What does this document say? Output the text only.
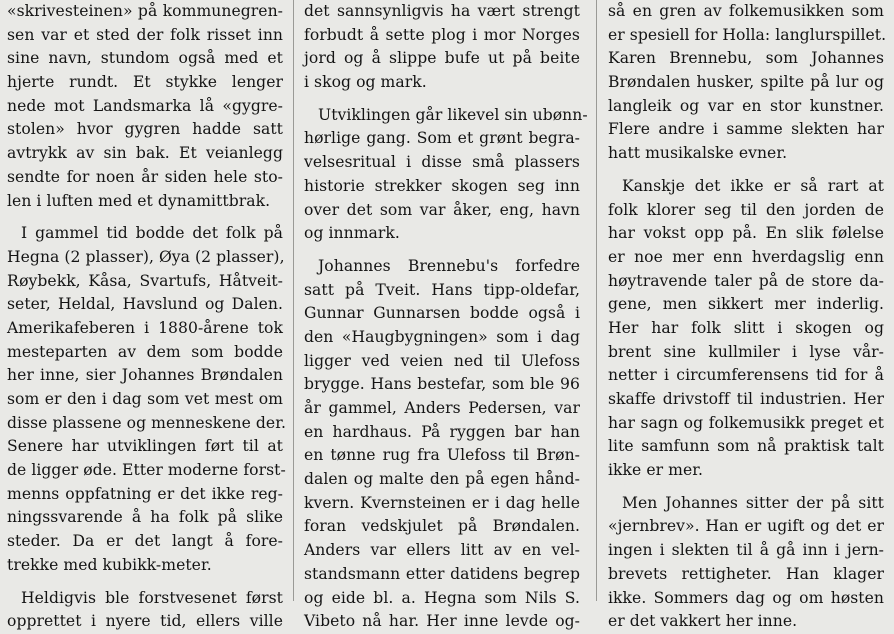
«skrivesteinen» på kommunegren-
sen var et sted der folk risset inn
sine navn, stundom også med et
hjerte rundt. Et stykke lenger
nede mot Landsmarka lå «gygre-
stolen» hvor gygren hadde satt
avtrykk av sin bak. Et veianlegg
sendte for noen år siden hele sto-
len i luften med et dynamittbrak.
I gammel tid bodde det folk på
Hegna (2 plasser), Øya (2 plasser),
Røybekk, Kåsa, Svartufs, Håtveit-
seter, Heldal, Havslund og Dalen.
Amerikafeberen i 1880-årene tok
mesteparten av dem som bodde
her inne, sier Johannes Brøndalen
som er den i dag som vet mest om
disse plassene og menneskene der.
Senere har utviklingen ført til at
de ligger øde. Etter moderne forst-
menns oppfatning er det ikke reg-
ningssvarende å ha folk på slike
steder. Da er det langt å fore-
trekke med kubikk-meter.
Heldigvis ble forstvesenet først
opprettet i nyere tid, ellers ville
det sannsynligvis ha vært strengt
forbudt å sette plog i mor Norges
jord og å slippe bufe ut på beite
i skog og mark.
Utviklingen går likevel sin ubønn-
hørlige gang. Som et grønt begra-
velsesritual i disse små plassers
historie strekker skogen seg inn
over det som var åker, eng, havn
og innmark.
Johannes Brennebu's forfedre
satt på Tveit. Hans tipp-oldefar,
Gunnar Gunnarsen bodde også i
den «Haugbygningen» som i dag
ligger ved veien ned til Ulefoss
brygge. Hans bestefar, som ble 96
år gammel, Anders Pedersen, var
en hardhaus. På ryggen bar han
en tønne rug fra Ulefoss til Brøn-
dalen og malte den på egen hånd-
kvern. Kvernsteinen er i dag helle
foran vedskjulet på Brøndalen.
Anders var ellers litt av en vel-
standsmann etter datidens begrep
og eide bl. a. Hegna som Nils S.
Vibeto nå har. Her inne levde og-
så en gren av folkemusikken som
er spesiell for Holla: langlurspillet.
Karen Brennebu, som Johannes
Brøndalen husker, spilte på lur og
langleik og var en stor kunstner.
Flere andre i samme slekten har
hatt musikalske evner.
Kanskje det ikke er så rart at
folk klorer seg til den jorden de
har vokst opp på. En slik følelse
er noe mer enn hverdagslig enn
høytravende taler på de store da-
gene, men sikkert mer inderlig.
Her har folk slitt i skogen og
brent sine kullmiler i lyse vår-
netter i circumferensens tid for å
skaffe drivstoff til industrien. Her
har sagn og folkemusikk preget et
lite samfunn som nå praktisk talt
ikke er mer.
Men Johannes sitter der på sitt
«jernbrev». Han er ugift og det er
ingen i slekten til å gå inn i jern-
brevets rettigheter. Han klager
ikke. Sommers dag og om høsten
er det vakkert her inne.
